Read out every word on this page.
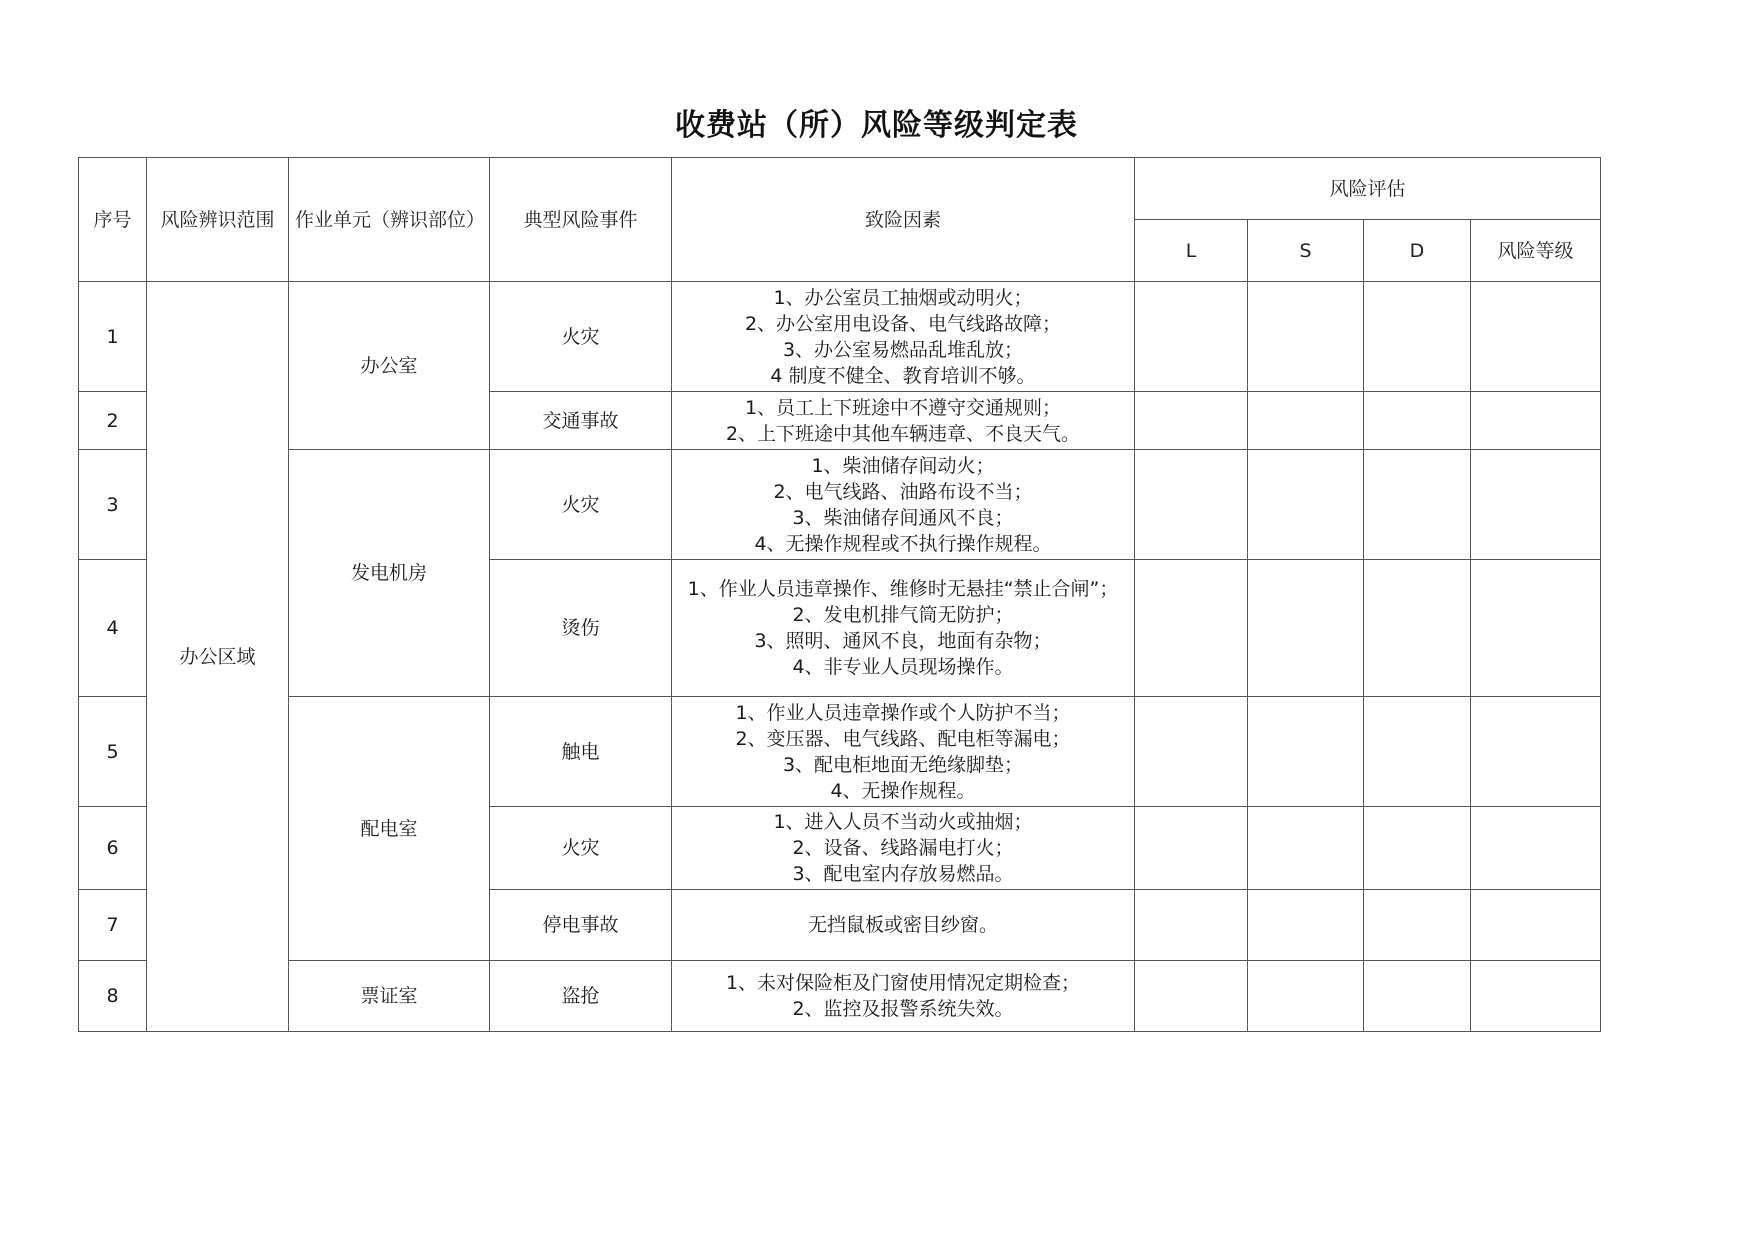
收费站（所）风险等级判定表
序号	风险辨识范围	作业单元（辨识部位）	典型风险事件	致险因素	风险评估			
					L	S	D	风险等级
1	办公区域	办公室	火灾	1、办公室员工抽烟或动明火；
2、办公室用电设备、电气线路故障；
3、办公室易燃品乱堆乱放；
4 制度不健全、教育培训不够。				

2			交通事故	1、员工上下班途中不遵守交通规则；
2、上下班途中其他车辆违章、不良天气。				

3		发电机房	火灾	1、柴油储存间动火；
2、电气线路、油路布设不当；
3、柴油储存间通风不良；
4、无操作规程或不执行操作规程。				

4			烫伤	1、作业人员违章操作、维修时无悬挂“禁止合闸”；
2、发电机排气筒无防护；
3、照明、通风不良，地面有杂物；
4、非专业人员现场操作。				

5		配电室	触电	1、作业人员违章操作或个人防护不当；
2、变压器、电气线路、配电柜等漏电；
3、配电柜地面无绝缘脚垫；
4、无操作规程。				

6			火灾	1、进入人员不当动火或抽烟；
2、设备、线路漏电打火；
3、配电室内存放易燃品。				

7			停电事故	无挡鼠板或密目纱窗。				

8		票证室	盗抢	1、未对保险柜及门窗使用情况定期检查；
2、监控及报警系统失效。				
